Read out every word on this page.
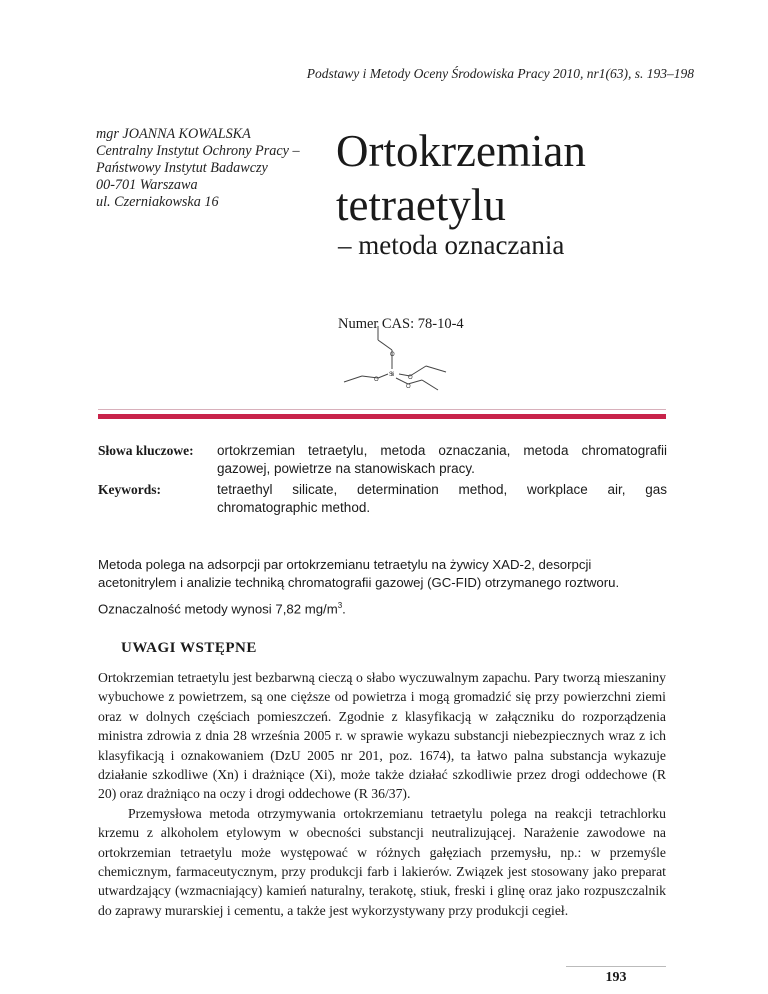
Podstawy i Metody Oceny Środowiska Pracy 2010, nr1(63), s. 193–198
mgr JOANNA KOWALSKA
Centralny Instytut Ochrony Pracy –
Państwowy Instytut Badawczy
00-701 Warszawa
ul. Czerniakowska 16
Ortokrzemian
tetraetylu
– metoda oznaczania
Numer CAS: 78-10-4
O
O	O
O
Si
Słowa kluczowe: ortokrzemian tetraetylu, metoda oznaczania, metoda chromatografii gazowej, powietrze na stanowiskach pracy.
Keywords:	tetraethyl silicate, determination method, workplace air, gas chromatographic method.
Metoda polega na adsorpcji par ortokrzemianu tetraetylu na żywicy XAD-2, desorpcji acetonitrylem i analizie techniką chromatografii gazowej (GC-FID) otrzymanego roztworu.
Oznaczalność metody wynosi 7,82 $mg/m^3$.
UWAGI WSTĘPNE

Ortokrzemian tetraetylu jest bezbarwną cieczą o słabo wyczuwalnym zapachu. Pary tworzą mieszaniny wybuchowe z powietrzem, są one cięższe od powietrza i mogą gromadzić się przy powierzchni ziemi oraz w dolnych częściach pomieszczeń. Zgodnie z klasyfikacją w załączniku do rozporządzenia ministra zdrowia z dnia 28 września 2005 r. w sprawie wykazu substancji niebezpiecznych wraz z ich klasyfikacją i oznakowaniem (DzU 2005 nr 201, poz. 1674), ta łatwo palna substancja wykazuje działanie szkodliwe (Xn) i drażniące (Xi), może także działać szkodliwie przez drogi oddechowe (R 20) oraz drażniąco na oczy i drogi oddechowe (R 36/37).

Przemysłowa metoda otrzymywania ortokrzemianu tetraetylu polega na reakcji tetrachlorku krzemu z alkoholem etylowym w obecności substancji neutralizującej. Narażenie zawodowe na ortokrzemian tetraetylu może występować w różnych gałęziach przemysłu, np.: w przemyśle chemicznym, farmaceutycznym, przy produkcji farb i lakierów. Związek jest stosowany jako preparat utwardzający (wzmacniający) kamień naturalny, terakotę, stiuk, freski i glinę oraz jako rozpuszczalnik do zaprawy murarskiej i cementu, a także jest wykorzystywany przy produkcji cegieł.

193
